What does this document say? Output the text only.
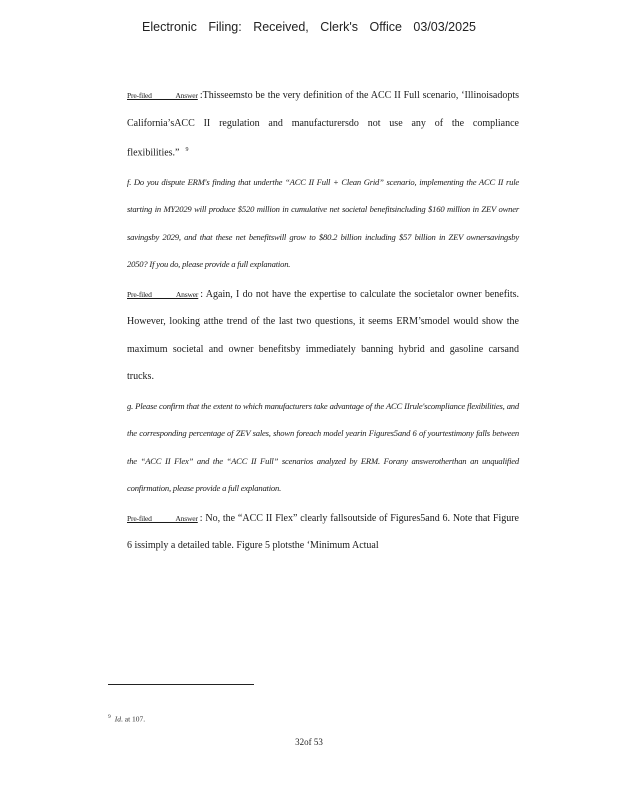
Electronic Filing: Received, Clerk's Office 03/03/2025

Pre-filed Answer :Thisseemsto be the very definition of the ACC II Full scenario, ‘Illinoisadopts California’sACC II regulation and manufacturersdo not use any of the compliance flexibilities.” $^9$

f. Do you dispute ERM's finding that underthe “ACC II Full + Clean Grid” scenario, implementing the ACC II rule starting in MY2029 will produce $520 million in cumulative net societal benefitsincluding $160 million in ZEV owner savingsby 2029, and that these net benefitswill grow to $80.2 billion including $57 billion in ZEV ownersavingsby 2050? If you do, please provide a full explanation.

Pre-filed Answer : Again, I do not have the expertise to calculate the societalor owner benefits. However, looking atthe trend of the last two questions, it seems ERM’smodel would show the maximum societal and owner benefitsby immediately banning hybrid and gasoline carsand trucks.

g. Please confirm that the extent to which manufacturers take advantage of the ACC IIrule'scompliance flexibilities, and the corresponding percentage of ZEV sales, shown foreach model yearin Figures5and 6 of yourtestimony falls between the “ACC II Flex” and the “ACC II Full” scenarios analyzed by ERM. Forany answerotherthan an unqualified confirmation, please provide a full explanation.

Pre-filed Answer : No, the “ACC II Flex” clearly fallsoutside of Figures5and 6. Note that Figure 6 issimply a detailed table. Figure 5 plotsthe ‘Minimum Actual

$^9$ Id. at 107.
32of 53
